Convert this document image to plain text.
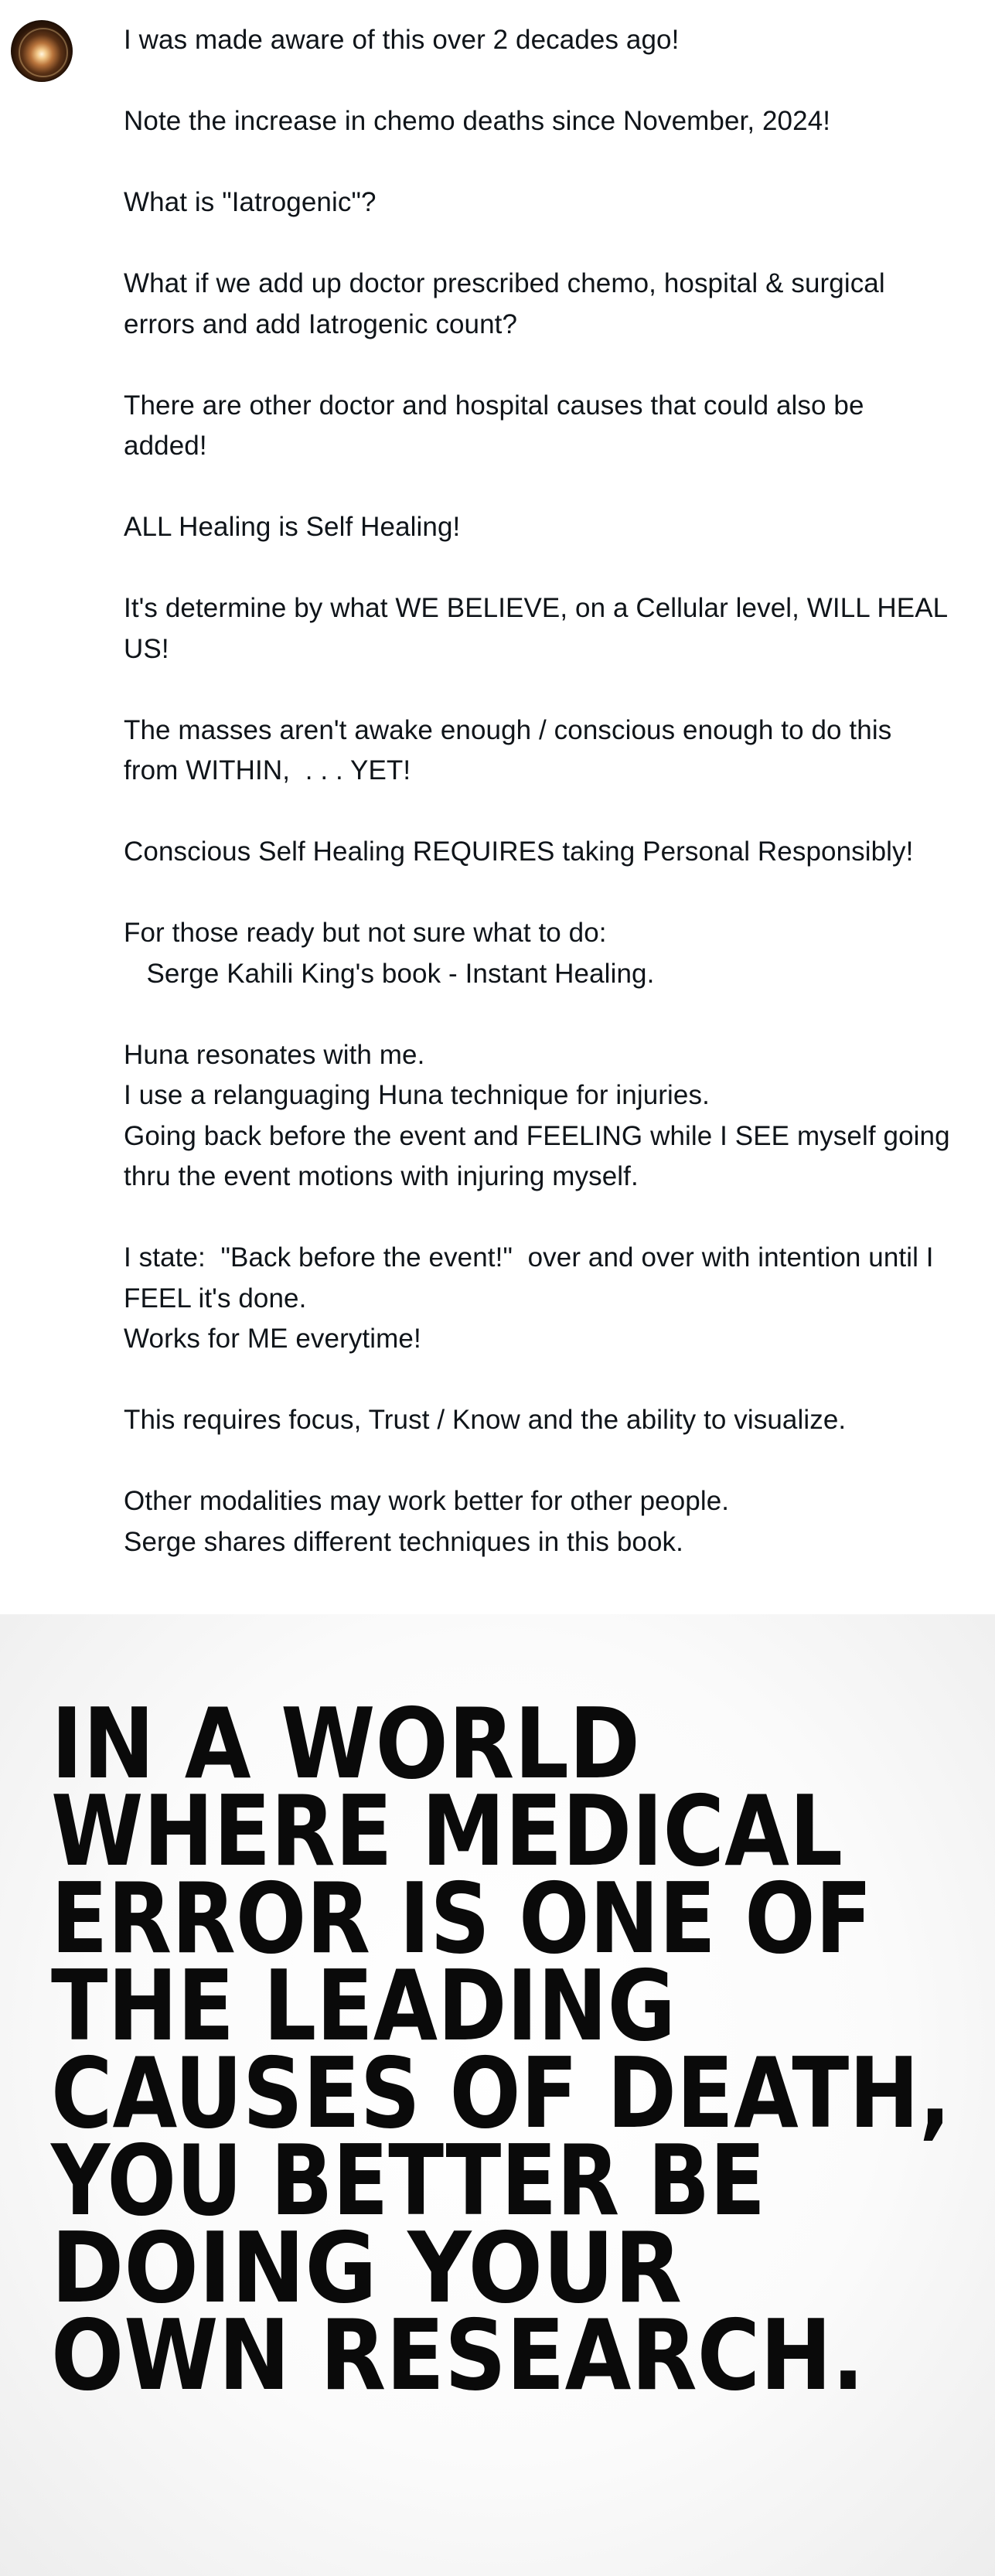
I was made aware of this over 2 decades ago!
Note the increase in chemo deaths since November, 2024!
What is "Iatrogenic"?
What if we add up doctor prescribed chemo, hospital & surgical
errors and add Iatrogenic count?
There are other doctor and hospital causes that could also be
added!
ALL Healing is Self Healing!
It's determine by what WE BELIEVE, on a Cellular level, WILL HEAL
US!
The masses aren't awake enough / conscious enough to do this
from WITHIN,  . . . YET!
Conscious Self Healing REQUIRES taking Personal Responsibly!
For those ready but not sure what to do:
Serge Kahili King's book - Instant Healing.
Huna resonates with me.
I use a relanguaging Huna technique for injuries.
Going back before the event and FEELING while I SEE myself going
thru the event motions with injuring myself.
I state:  "Back before the event!"  over and over with intention until I
FEEL it's done.
Works for ME everytime!
This requires focus, Trust / Know and the ability to visualize.
Other modalities may work better for other people.
Serge shares different techniques in this book.
IN A WORLD
WHERE MEDICAL
ERROR IS ONE OF
THE LEADING
CAUSES OF DEATH,
YOU BETTER BE
DOING YOUR
OWN RESEARCH.
